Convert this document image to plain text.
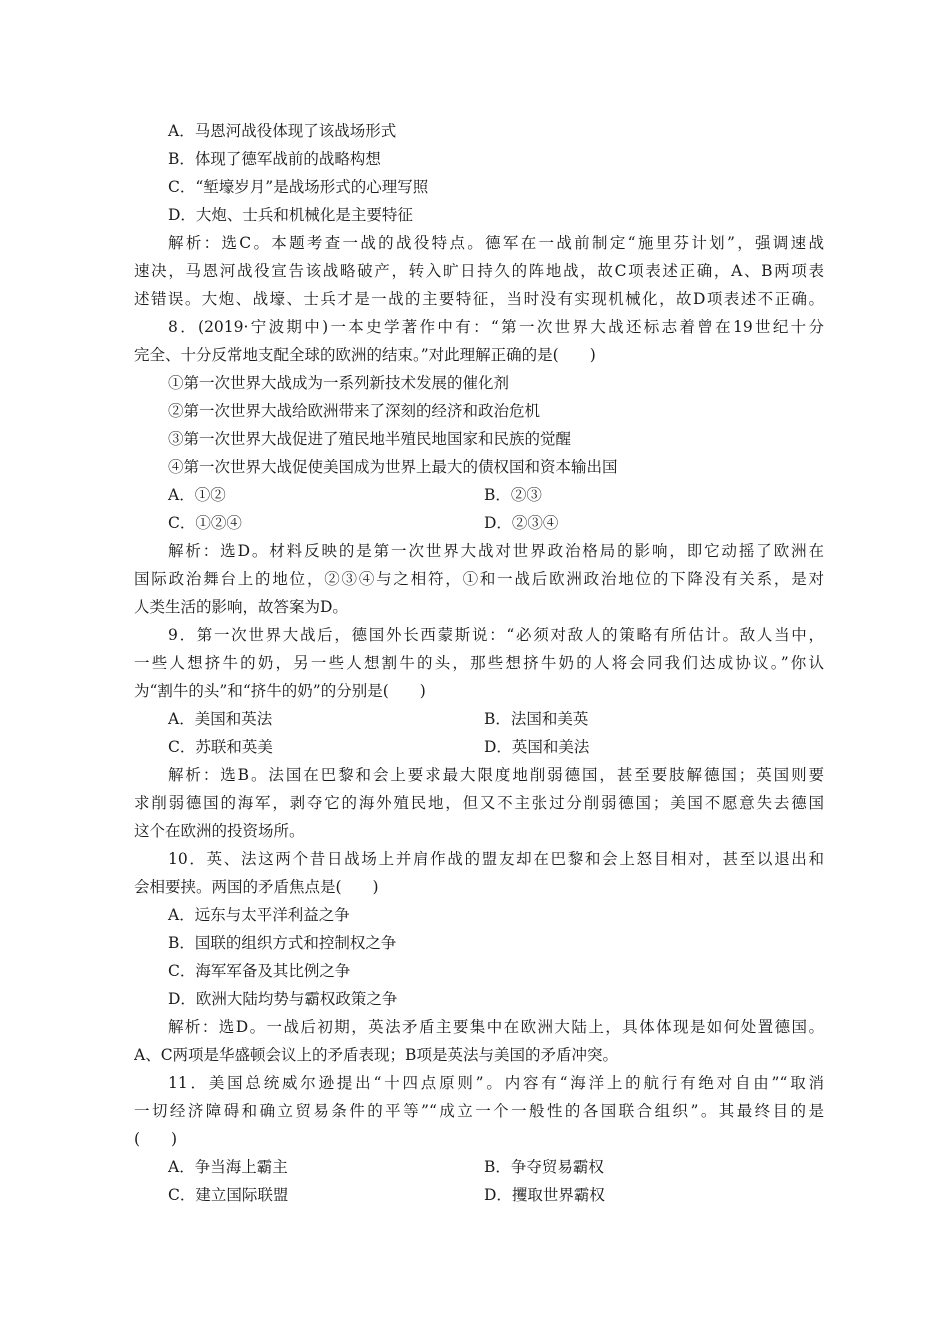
A．马恩河战役体现了该战场形式
B．体现了德军战前的战略构想
C．“堑壕岁月”是战场形式的心理写照
D．大炮、士兵和机械化是主要特征
解析：选C。本题考查一战的战役特点。德军在一战前制定“施里芬计划”，强调速战
速决，马恩河战役宣告该战略破产，转入旷日持久的阵地战，故C项表述正确，A、B两项表
述错误。大炮、战壕、士兵才是一战的主要特征，当时没有实现机械化，故D项表述不正确。
8．(2019·宁波期中)一本史学著作中有：“第一次世界大战还标志着曾在19世纪十分
完全、十分反常地支配全球的欧洲的结束。”对此理解正确的是(　　)
①第一次世界大战成为一系列新技术发展的催化剂
②第一次世界大战给欧洲带来了深刻的经济和政治危机
③第一次世界大战促进了殖民地半殖民地国家和民族的觉醒
④第一次世界大战促使美国成为世界上最大的债权国和资本输出国
A．①②	B．②③
C．①②④	D．②③④
解析：选D。材料反映的是第一次世界大战对世界政治格局的影响，即它动摇了欧洲在
国际政治舞台上的地位，②③④与之相符，①和一战后欧洲政治地位的下降没有关系，是对
人类生活的影响，故答案为D。
9．第一次世界大战后，德国外长西蒙斯说：“必须对敌人的策略有所估计。敌人当中，
一些人想挤牛的奶，另一些人想割牛的头，那些想挤牛奶的人将会同我们达成协议。”你认
为“割牛的头”和“挤牛的奶”的分别是(　　)
A．美国和英法	B．法国和美英
C．苏联和英美	D．英国和美法
解析：选B。法国在巴黎和会上要求最大限度地削弱德国，甚至要肢解德国；英国则要
求削弱德国的海军，剥夺它的海外殖民地，但又不主张过分削弱德国；美国不愿意失去德国
这个在欧洲的投资场所。
10．英、法这两个昔日战场上并肩作战的盟友却在巴黎和会上怒目相对，甚至以退出和
会相要挟。两国的矛盾焦点是(　　)
A．远东与太平洋利益之争
B．国联的组织方式和控制权之争
C．海军军备及其比例之争
D．欧洲大陆均势与霸权政策之争
解析：选D。一战后初期，英法矛盾主要集中在欧洲大陆上，具体体现是如何处置德国。
A、C两项是华盛顿会议上的矛盾表现；B项是英法与美国的矛盾冲突。
11．美国总统威尔逊提出“十四点原则”。内容有“海洋上的航行有绝对自由”“取消
一切经济障碍和确立贸易条件的平等”“成立一个一般性的各国联合组织”。其最终目的是
(　　)
A．争当海上霸主	B．争夺贸易霸权
C．建立国际联盟	D．攫取世界霸权
